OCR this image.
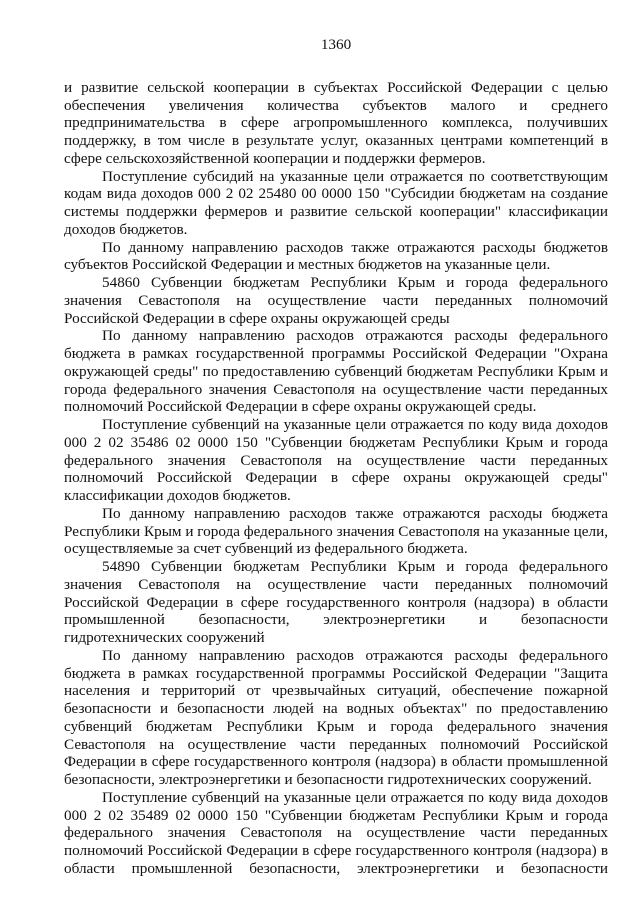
1360

и развитие сельской кооперации в субъектах Российской Федерации с целью обеспечения увеличения количества субъектов малого и среднего предпринимательства в сфере агропромышленного комплекса, получивших поддержку, в том числе в результате услуг, оказанных центрами компетенций в сфере сельскохозяйственной кооперации и поддержки фермеров.

Поступление субсидий на указанные цели отражается по соответствующим кодам вида доходов 000 2 02 25480 00 0000 150 "Субсидии бюджетам на создание системы поддержки фермеров и развитие сельской кооперации" классификации доходов бюджетов.

По данному направлению расходов также отражаются расходы бюджетов субъектов Российской Федерации и местных бюджетов на указанные цели.

54860 Субвенции бюджетам Республики Крым и города федерального значения Севастополя на осуществление части переданных полномочий Российской Федерации в сфере охраны окружающей среды

По данному направлению расходов отражаются расходы федерального бюджета в рамках государственной программы Российской Федерации "Охрана окружающей среды" по предоставлению субвенций бюджетам Республики Крым и города федерального значения Севастополя на осуществление части переданных полномочий Российской Федерации в сфере охраны окружающей среды.

Поступление субвенций на указанные цели отражается по коду вида доходов 000 2 02 35486 02 0000 150 "Субвенции бюджетам Республики Крым и города федерального значения Севастополя на осуществление части переданных полномочий Российской Федерации в сфере охраны окружающей среды" классификации доходов бюджетов.

По данному направлению расходов также отражаются расходы бюджета Республики Крым и города федерального значения Севастополя на указанные цели, осуществляемые за счет субвенций из федерального бюджета.

54890 Субвенции бюджетам Республики Крым и города федерального значения Севастополя на осуществление части переданных полномочий Российской Федерации в сфере государственного контроля (надзора) в области промышленной безопасности, электроэнергетики и безопасности гидротехнических сооружений

По данному направлению расходов отражаются расходы федерального бюджета в рамках государственной программы Российской Федерации "Защита населения и территорий от чрезвычайных ситуаций, обеспечение пожарной безопасности и безопасности людей на водных объектах" по предоставлению субвенций бюджетам Республики Крым и города федерального значения Севастополя на осуществление части переданных полномочий Российской Федерации в сфере государственного контроля (надзора) в области промышленной безопасности, электроэнергетики и безопасности гидротехнических сооружений.

Поступление субвенций на указанные цели отражается по коду вида доходов 000 2 02 35489 02 0000 150 "Субвенции бюджетам Республики Крым и города федерального значения Севастополя на осуществление части переданных полномочий Российской Федерации в сфере государственного контроля (надзора) в области промышленной безопасности, электроэнергетики и безопасности
